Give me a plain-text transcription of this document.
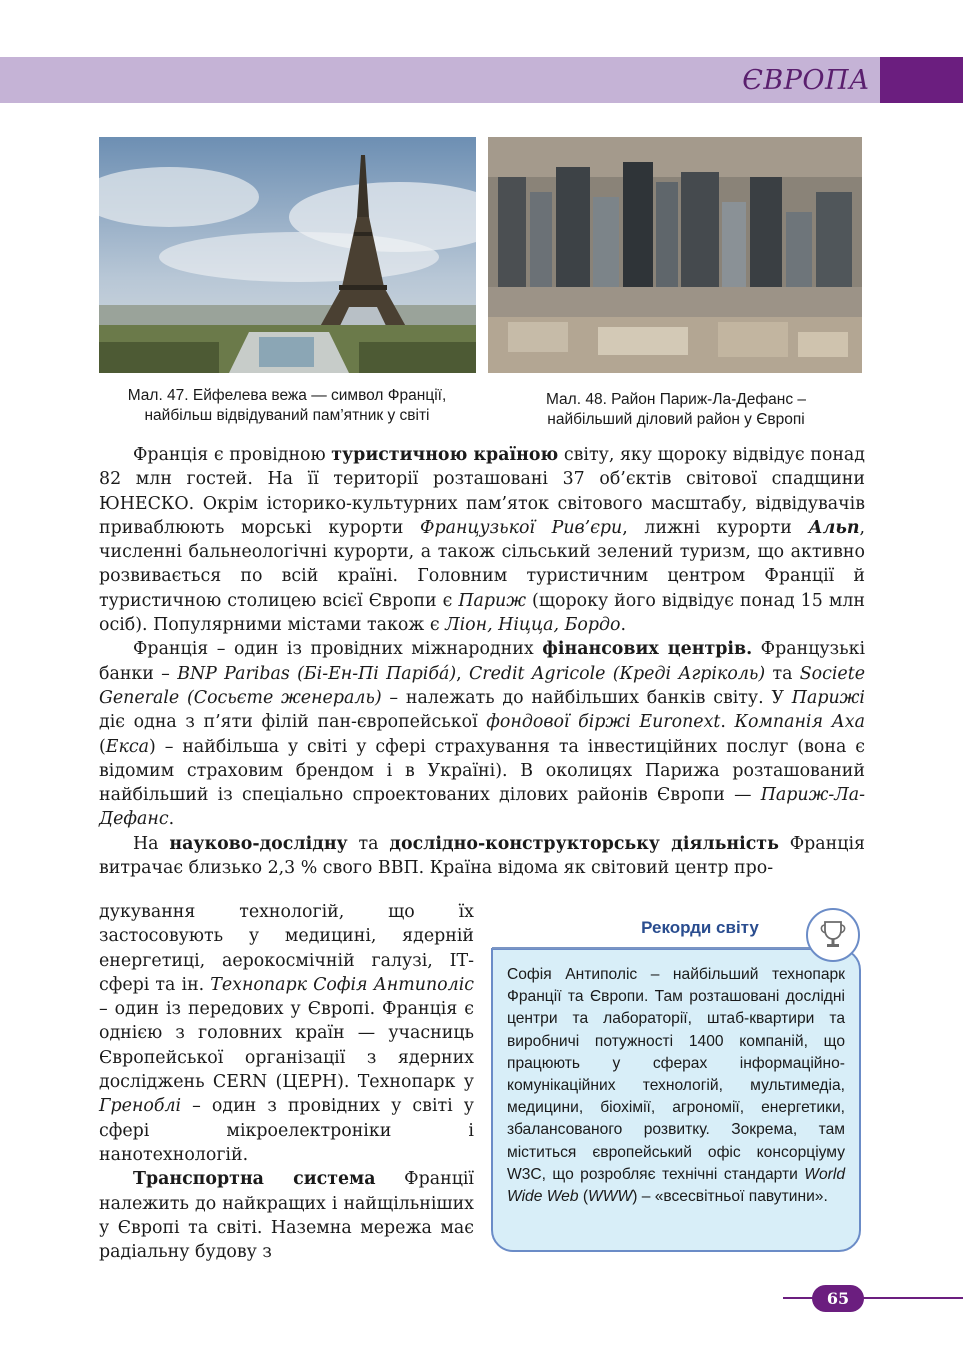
ЄВРОПА
Мал. 47. Ейфелева вежа — символ Франції,
найбільш відвідуваний пам’ятник у світі
Мал. 48. Район Париж-Ла-Дефанс –
найбільший діловий район у Європі

Франція є провідною туристичною країною світу, яку щороку відвідує понад 82 млн гостей. На її території розташовані 37 об’єктів світової спадщини ЮНЕСКО. Окрім історико-культурних пам’яток світового масштабу, відвідувачів приваблюють морські курорти Французької Рив’єри, лижні курорти Альп, численні бальнеологічні курорти, а також сільський зелений туризм, що активно розвивається по всій країні. Головним туристичним центром Франції й туристичною столицею всієї Європи є Париж (щороку його відвідує понад 15 млн осіб). Популярними містами також є Ліон, Ніцца, Бордо.

Франція – один із провідних міжнародних фінансових центрів. Французькі банки – BNP Paribas (Бі-Ен-Пі Парібá), Credit Agricole (Креді Агріколь) та Societe Generale (Сосьєте женераль) – належать до найбільших банків світу. У Парижі діє одна з п’яти філій пан-європейської фондової біржі Euronext. Компанія Аха (Екса) – найбільша у світі у сфері страхування та інвестиційних послуг (вона є відомим страховим брендом і в Україні). В околицях Парижа розташований найбільший із спеціально спроектованих ділових районів Європи — Париж-Ла-Дефанс.

На науково-дослідну та дослідно-конструкторську діяльність Франція витрачає близько 2,3 % свого ВВП. Країна відома як світовий центр про-

дукування технологій, що їх застосовують у медицині, ядерній енергетиці, аерокосмічній галузі, ІТ-сфері та ін. Технопарк Софія Антиполіс – один із передових у Європі. Франція є однією з головних країн — учасниць Європейської організації з ядерних досліджень CERN (ЦЕРН). Технопарк у Греноблі – один з провідних у світі у сфері мікроелектроніки і нанотехнологій.

Транспортна система Франції належить до найкращих і найщільніших у Європі та світі. Наземна мережа має радіальну будову з

Рекорди світу

Софія Антиполіс – найбільший технопарк Франції та Європи. Там розташовані дослідні центри та лабораторії, штаб-квартири та виробничі потужності 1400 компаній, що працюють у сферах інформаційно-комунікаційних технологій, мультимедіа, медицини, біохімії, агрономії, енергетики, збалансованого розвитку. Зокрема, там міститься європейський офіс консорціуму W3C, що розробляє технічні стандарти World Wide Web (WWW) – «всесвітньої павутини».

65
